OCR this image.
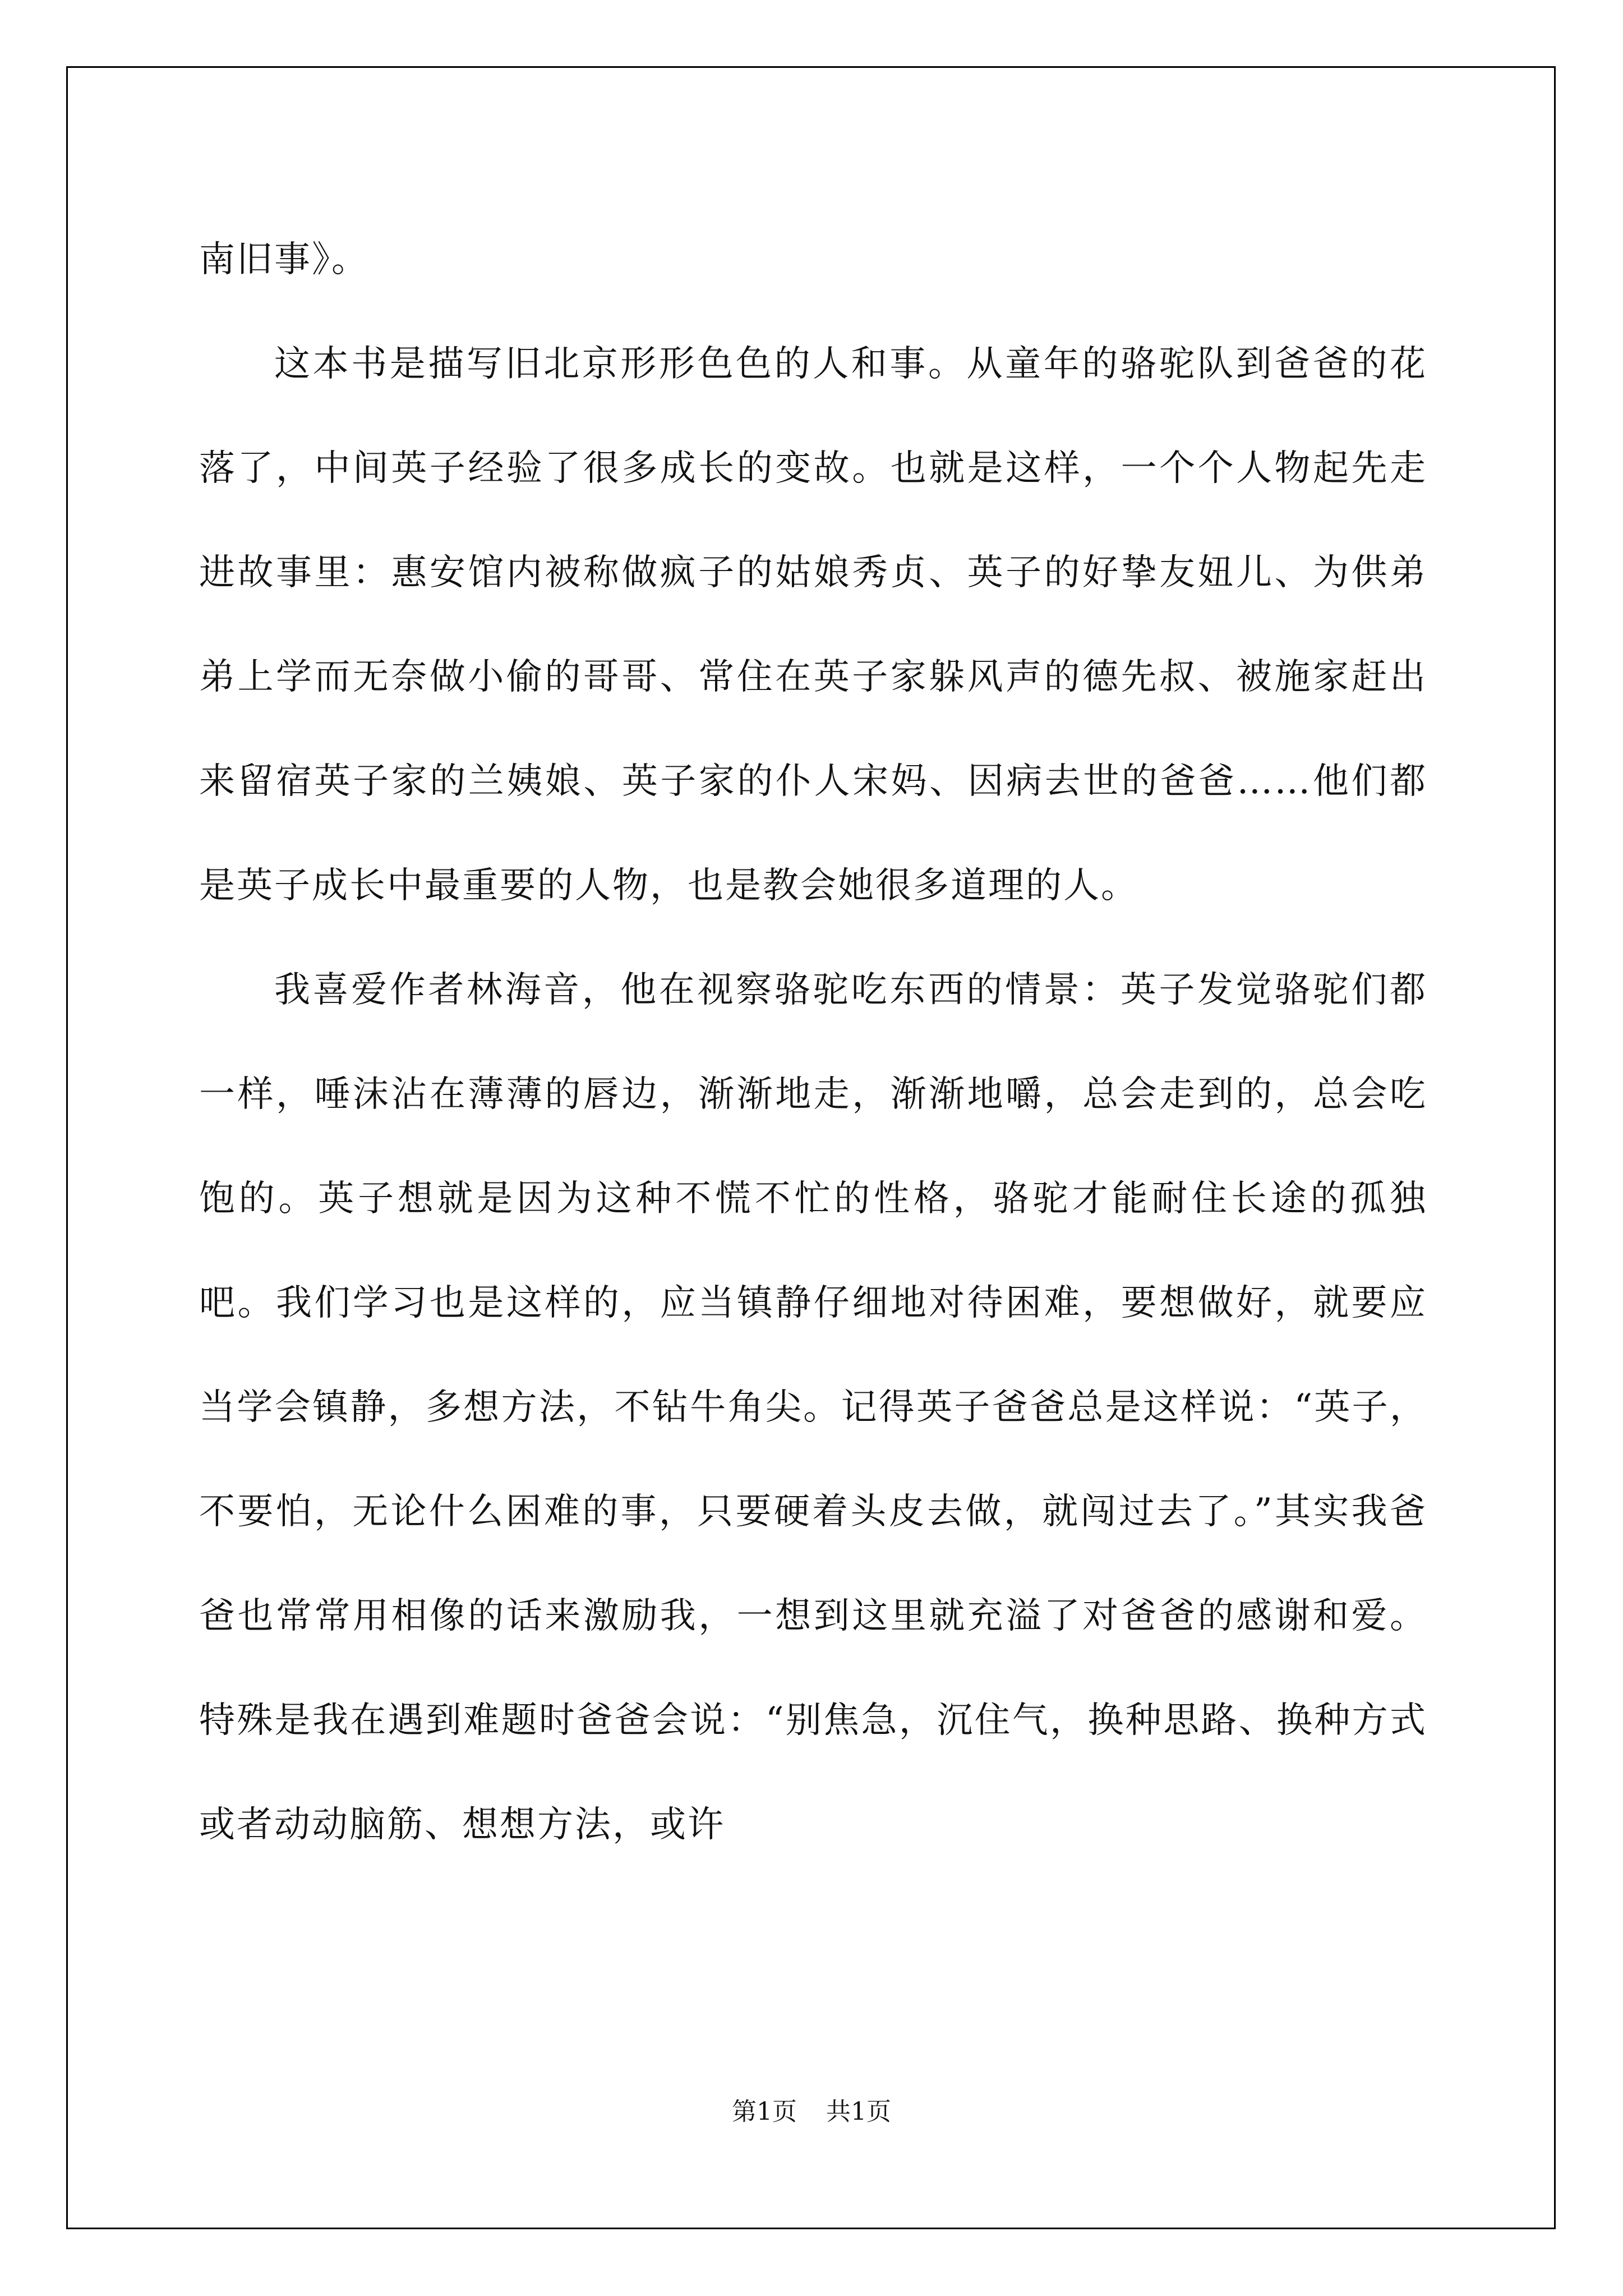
南旧事》。

这本书是描写旧北京形形色色的人和事。从童年的骆驼队到爸爸的花落了，中间英子经验了很多成长的变故。也就是这样，一个个人物起先走进故事里：惠安馆内被称做疯子的姑娘秀贞、英子的好挚友妞儿、为供弟弟上学而无奈做小偷的哥哥、常住在英子家躲风声的德先叔、被施家赶出来留宿英子家的兰姨娘、英子家的仆人宋妈、因病去世的爸爸……他们都是英子成长中最重要的人物，也是教会她很多道理的人。

我喜爱作者林海音，他在视察骆驼吃东西的情景：英子发觉骆驼们都一样，唾沫沾在薄薄的唇边，渐渐地走，渐渐地嚼，总会走到的，总会吃饱的。英子想就是因为这种不慌不忙的性格，骆驼才能耐住长途的孤独吧。我们学习也是这样的，应当镇静仔细地对待困难，要想做好，就要应当学会镇静，多想方法，不钻牛角尖。记得英子爸爸总是这样说：“英子，不要怕，无论什么困难的事，只要硬着头皮去做，就闯过去了。”其实我爸爸也常常用相像的话来激励我，一想到这里就充溢了对爸爸的感谢和爱。特殊是我在遇到难题时爸爸会说：“别焦急，沉住气，换种思路、换种方式或者动动脑筋、想想方法，或许

第1页 共1页
